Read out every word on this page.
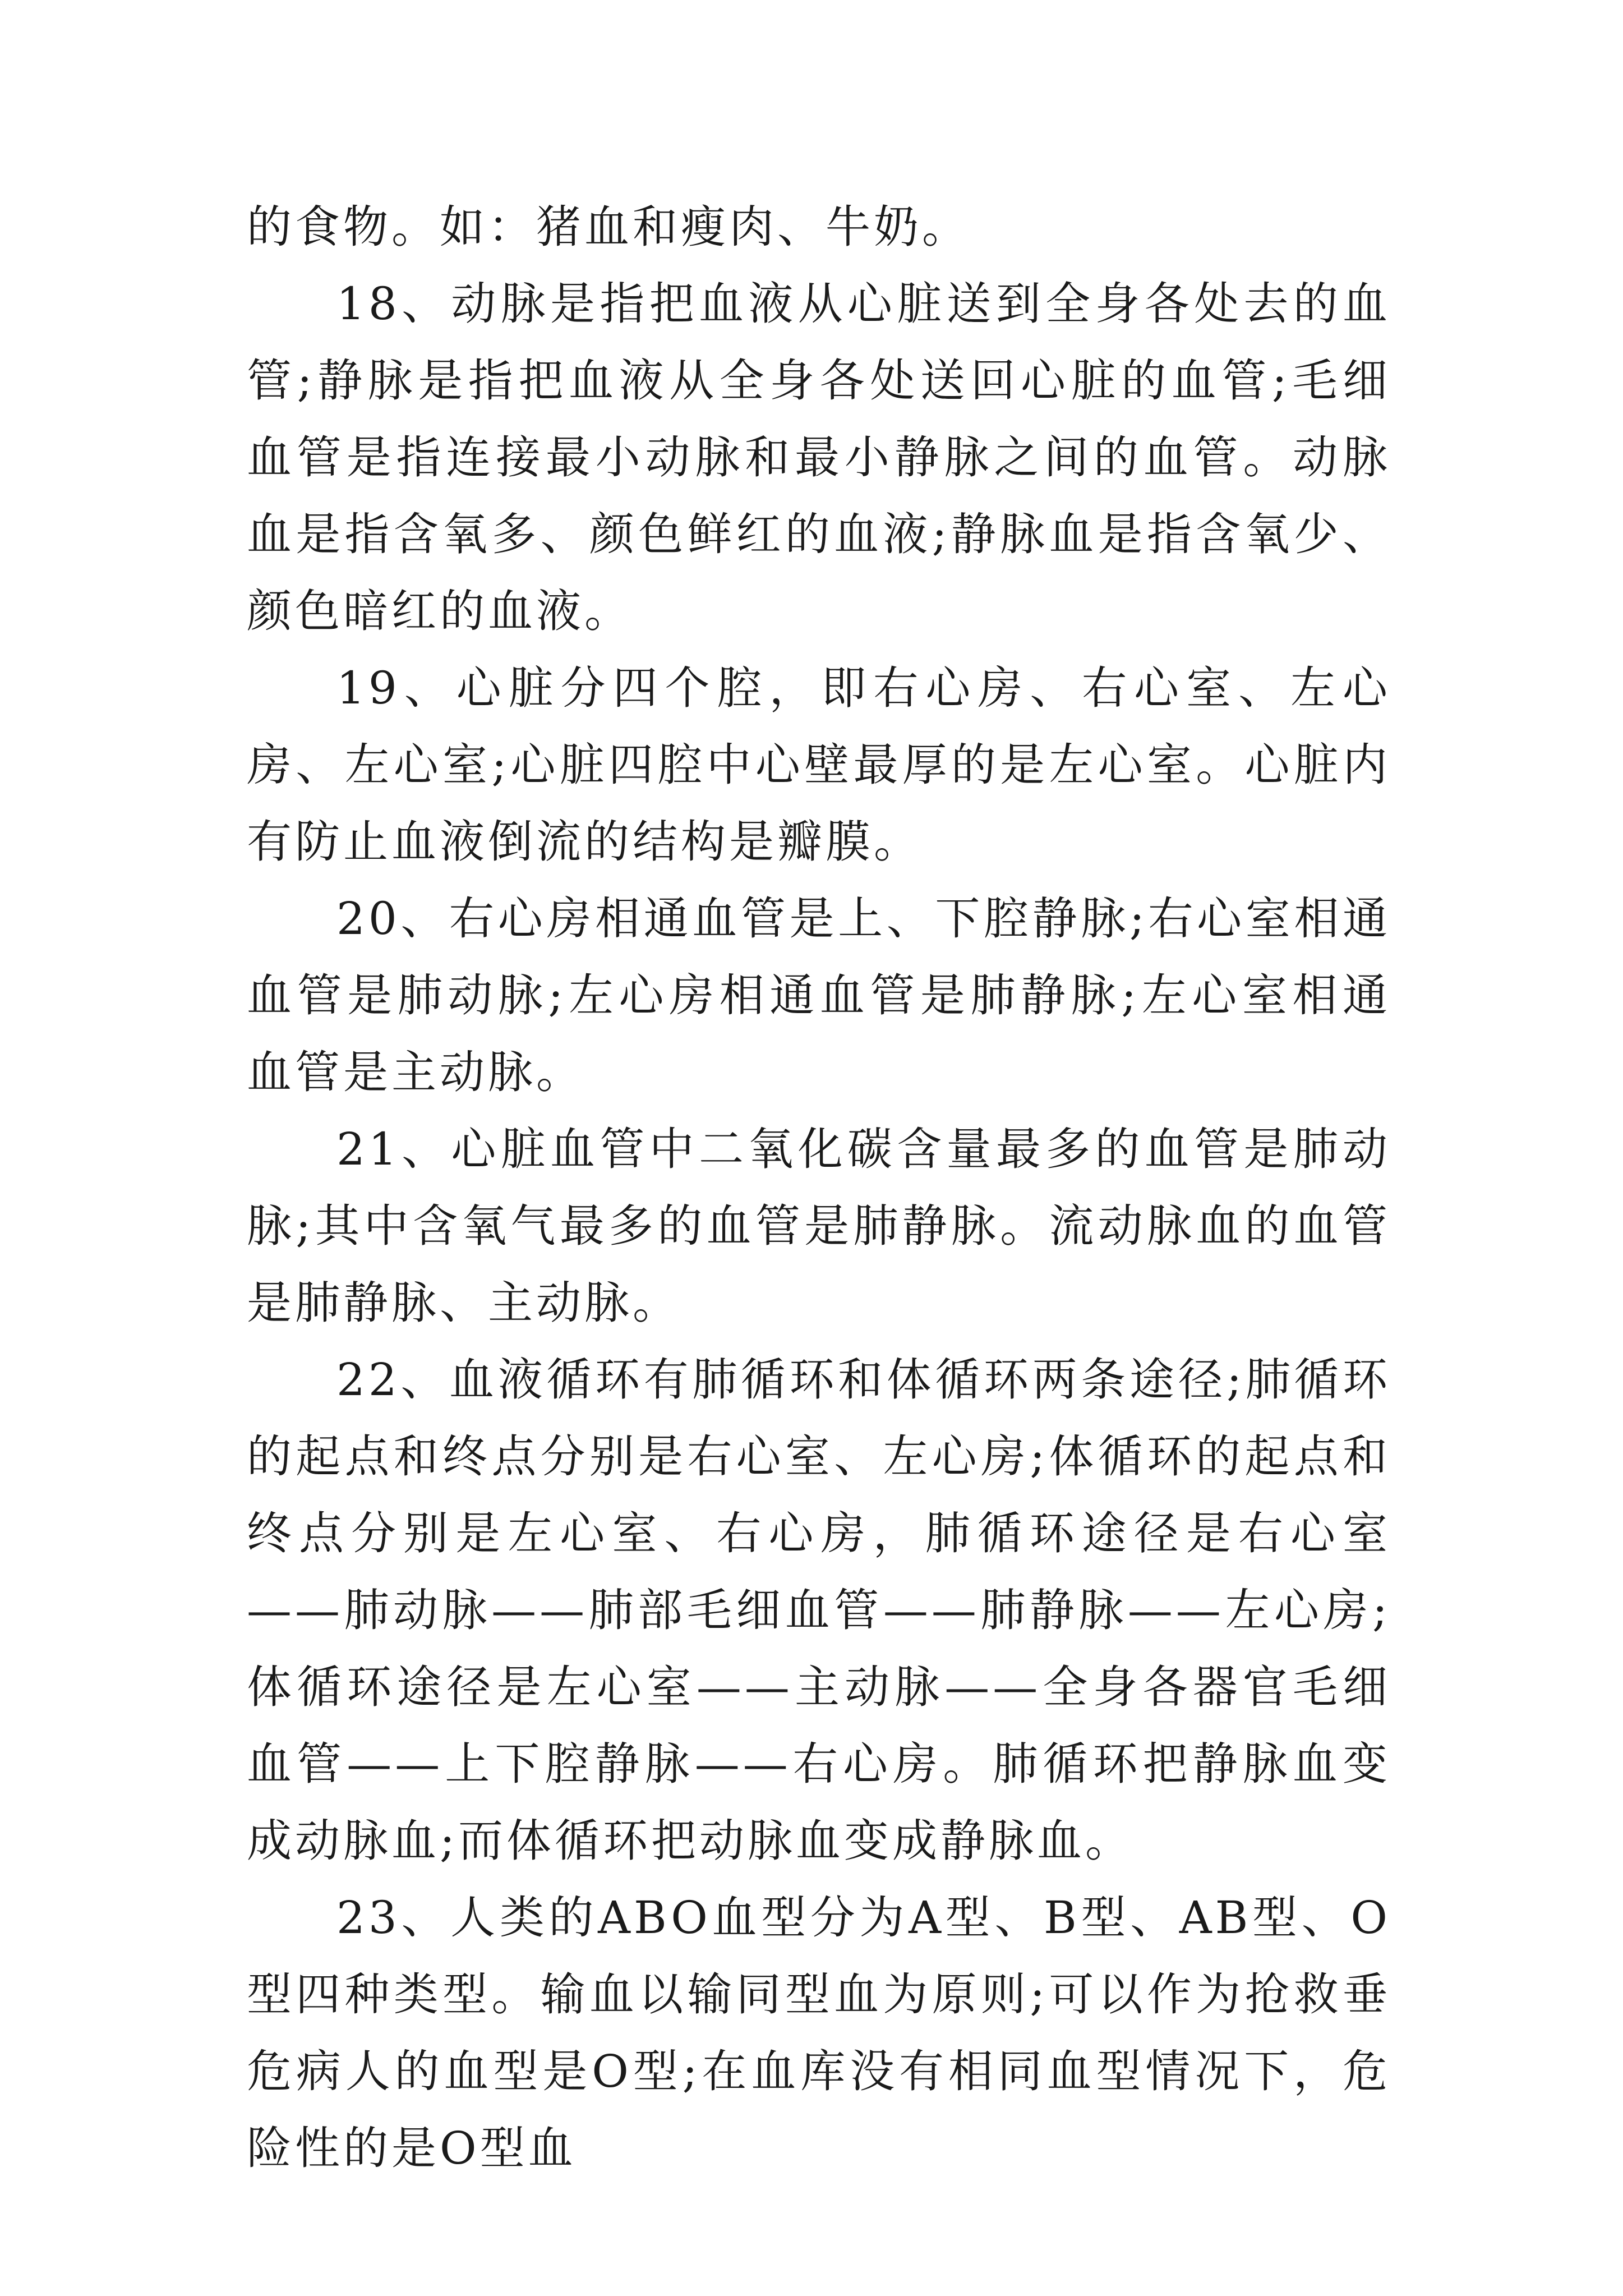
的食物。如：猪血和瘦肉、牛奶。

18、动脉是指把血液从心脏送到全身各处去的血管;静脉是指把血液从全身各处送回心脏的血管;毛细血管是指连接最小动脉和最小静脉之间的血管。动脉血是指含氧多、颜色鲜红的血液;静脉血是指含氧少、颜色暗红的血液。

19、心脏分四个腔，即右心房、右心室、左心房、左心室;心脏四腔中心壁最厚的是左心室。心脏内有防止血液倒流的结构是瓣膜。

20、右心房相通血管是上、下腔静脉;右心室相通血管是肺动脉;左心房相通血管是肺静脉;左心室相通血管是主动脉。

21、心脏血管中二氧化碳含量最多的血管是肺动脉;其中含氧气最多的血管是肺静脉。流动脉血的血管是肺静脉、主动脉。

22、血液循环有肺循环和体循环两条途径;肺循环的起点和终点分别是右心室、左心房;体循环的起点和终点分别是左心室、右心房，肺循环途径是右心室——肺动脉——肺部毛细血管——肺静脉——左心房;体循环途径是左心室——主动脉——全身各器官毛细血管——上下腔静脉——右心房。肺循环把静脉血变成动脉血;而体循环把动脉血变成静脉血。

23、人类的ABO血型分为A型、B型、AB型、O型四种类型。输血以输同型血为原则;可以作为抢救垂危病人的血型是O型;在血库没有相同血型情况下，危险性的是O型血
